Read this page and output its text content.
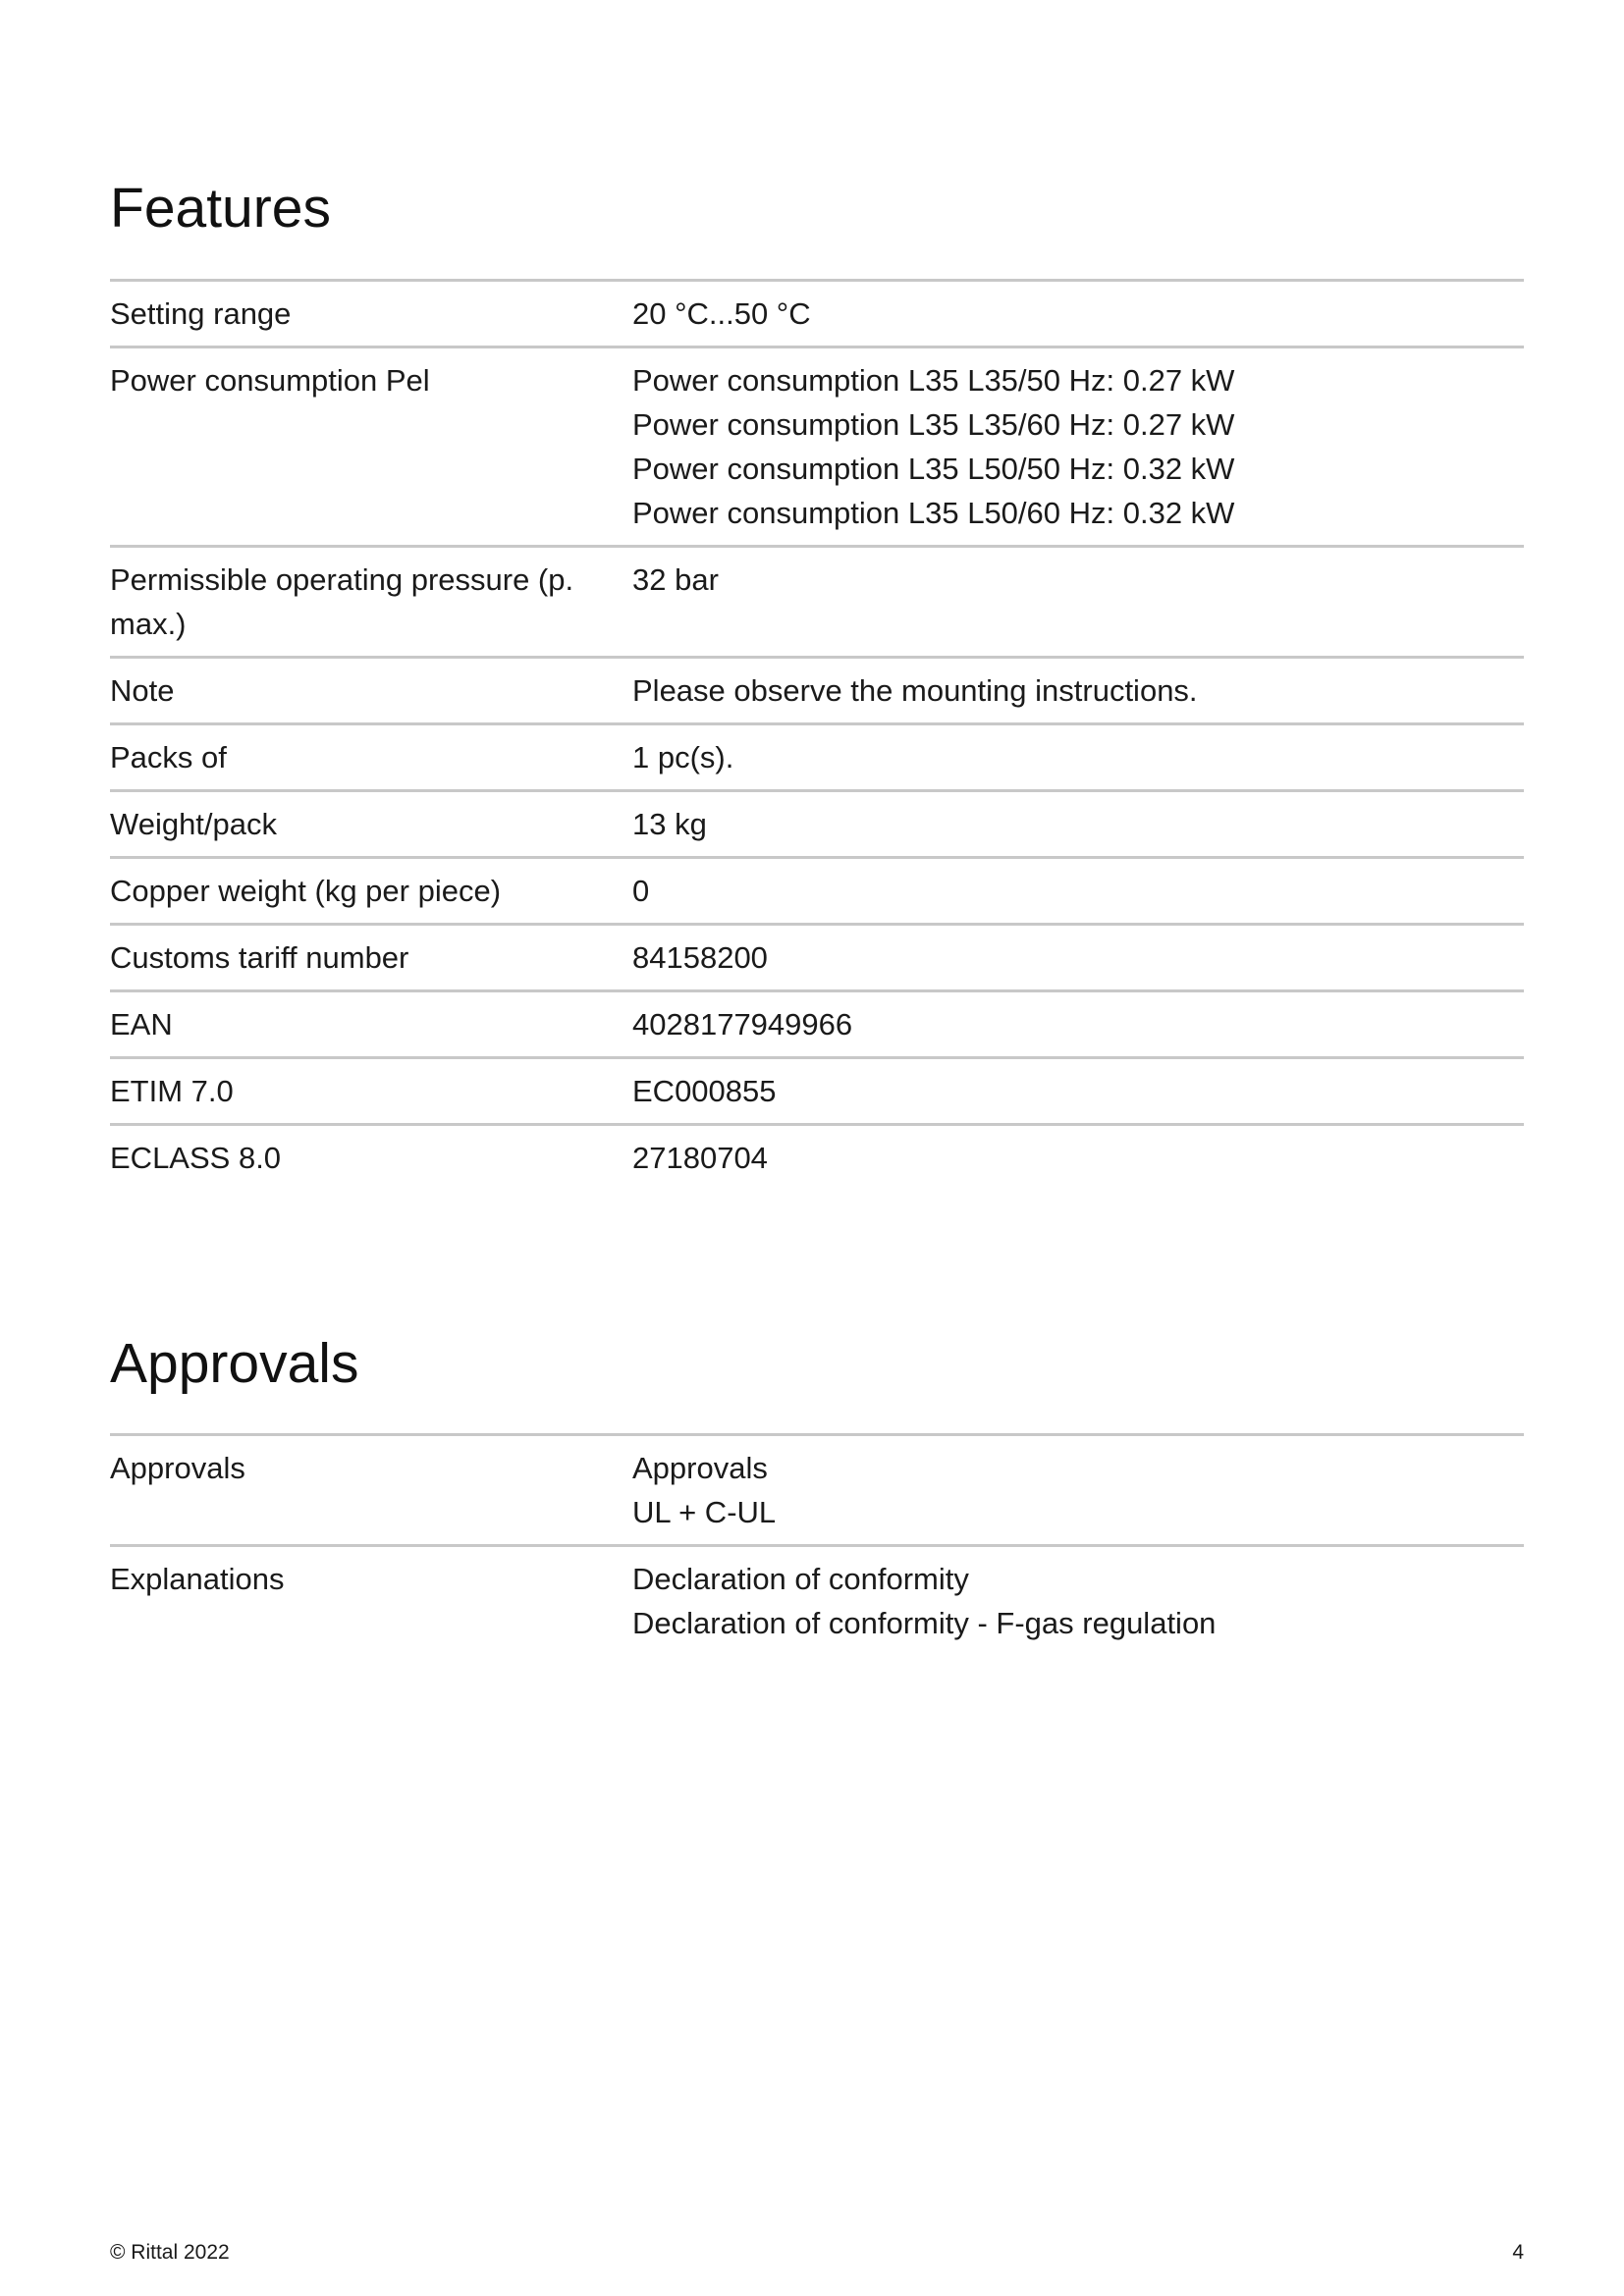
Features
Setting range	20 °C...50 °C

Power consumption Pel	Power consumption L35 L35/50 Hz: 0.27 kW
Power consumption L35 L35/60 Hz: 0.27 kW
Power consumption L35 L50/50 Hz: 0.32 kW
Power consumption L35 L50/60 Hz: 0.32 kW

Permissible operating pressure (p. max.)	32 bar

Note	Please observe the mounting instructions.

Packs of	1 pc(s).

Weight/pack	13 kg

Copper weight (kg per piece)	0

Customs tariff number	84158200

EAN	4028177949966

ETIM 7.0	EC000855

ECLASS 8.0	27180704
Approvals
Approvals	Approvals
UL + C-UL

Explanations	Declaration of conformity
Declaration of conformity - F-gas regulation
© Rittal 2022	4
